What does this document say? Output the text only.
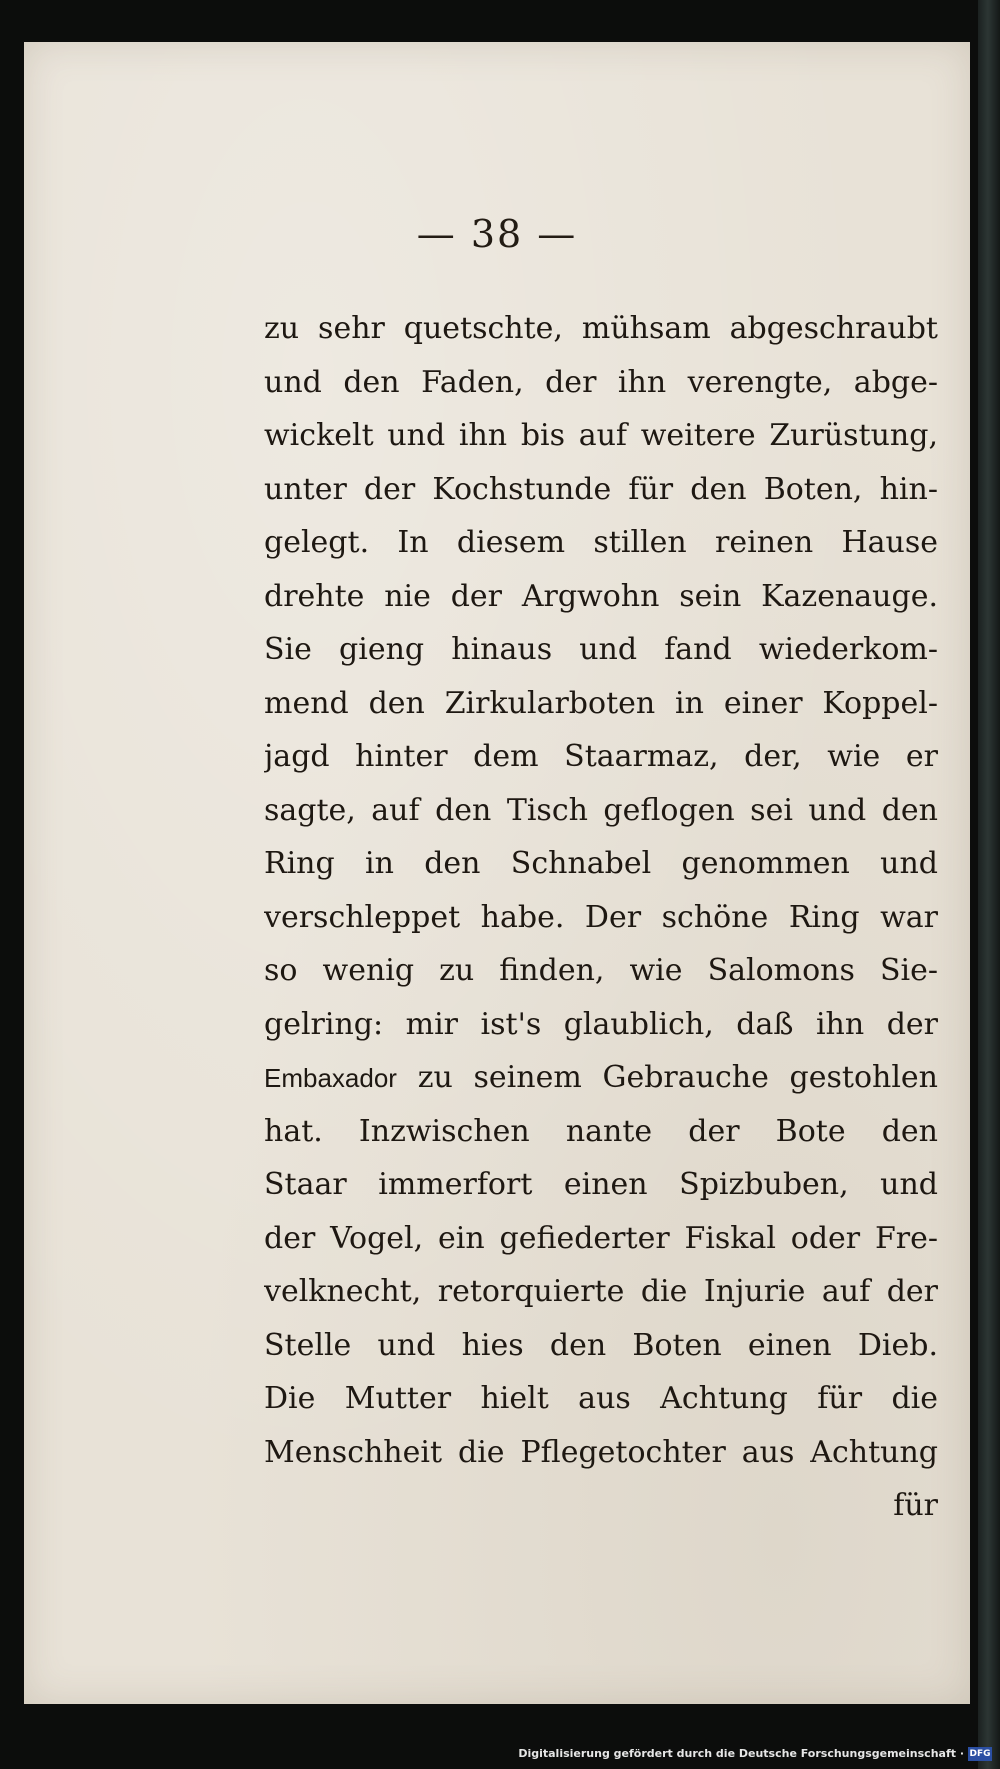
— 38 —
zu sehr quetschte, mühsam abgeschraubt
und den Faden, der ihn verengte, abge-
wickelt und ihn bis auf weitere Zurüstung,
unter der Kochstunde für den Boten, hin-
gelegt. In diesem stillen reinen Hause
drehte nie der Argwohn sein Kazenauge.
Sie gieng hinaus und fand wiederkom-
mend den Zirkularboten in einer Koppel-
jagd hinter dem Staarmaz, der, wie er
sagte, auf den Tisch geflogen sei und den
Ring in den Schnabel genommen und
verschleppet habe. Der schöne Ring war
so wenig zu finden, wie Salomons Sie-
gelring: mir ist's glaublich, daß ihn der
Embaxador zu seinem Gebrauche gestohlen
hat. Inzwischen nante der Bote den
Staar immerfort einen Spizbuben, und
der Vogel, ein gefiederter Fiskal oder Fre-
velknecht, retorquierte die Injurie auf der
Stelle und hies den Boten einen Dieb.
Die Mutter hielt aus Achtung für die
Menschheit die Pflegetochter aus Achtung
für
Digitalisierung gefördert durch die Deutsche Forschungsgemeinschaft · DFG
